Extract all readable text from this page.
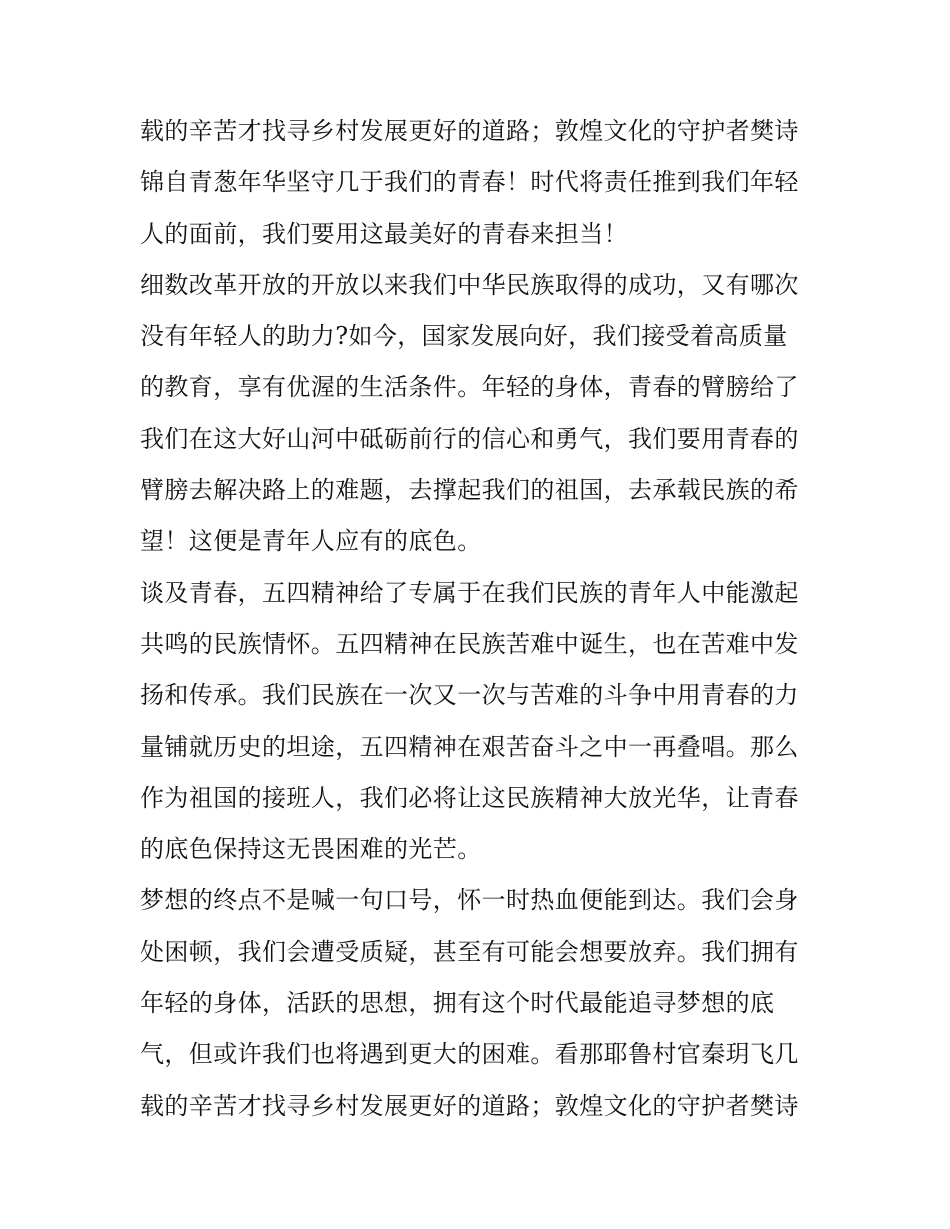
载的辛苦才找寻乡村发展更好的道路；敦煌文化的守护者樊诗
锦自青葱年华坚守几于我们的青春！时代将责任推到我们年轻
人的面前，我们要用这最美好的青春来担当！
细数改革开放的开放以来我们中华民族取得的成功，又有哪次
没有年轻人的助力?如今，国家发展向好，我们接受着高质量
的教育，享有优渥的生活条件。年轻的身体，青春的臂膀给了
我们在这大好山河中砥砺前行的信心和勇气，我们要用青春的
臂膀去解决路上的难题，去撑起我们的祖国，去承载民族的希
望！这便是青年人应有的底色。
谈及青春，五四精神给了专属于在我们民族的青年人中能激起
共鸣的民族情怀。五四精神在民族苦难中诞生，也在苦难中发
扬和传承。我们民族在一次又一次与苦难的斗争中用青春的力
量铺就历史的坦途，五四精神在艰苦奋斗之中一再叠唱。那么
作为祖国的接班人，我们必将让这民族精神大放光华，让青春
的底色保持这无畏困难的光芒。
梦想的终点不是喊一句口号，怀一时热血便能到达。我们会身
处困顿，我们会遭受质疑，甚至有可能会想要放弃。我们拥有
年轻的身体，活跃的思想，拥有这个时代最能追寻梦想的底
气，但或许我们也将遇到更大的困难。看那耶鲁村官秦玥飞几
载的辛苦才找寻乡村发展更好的道路；敦煌文化的守护者樊诗
